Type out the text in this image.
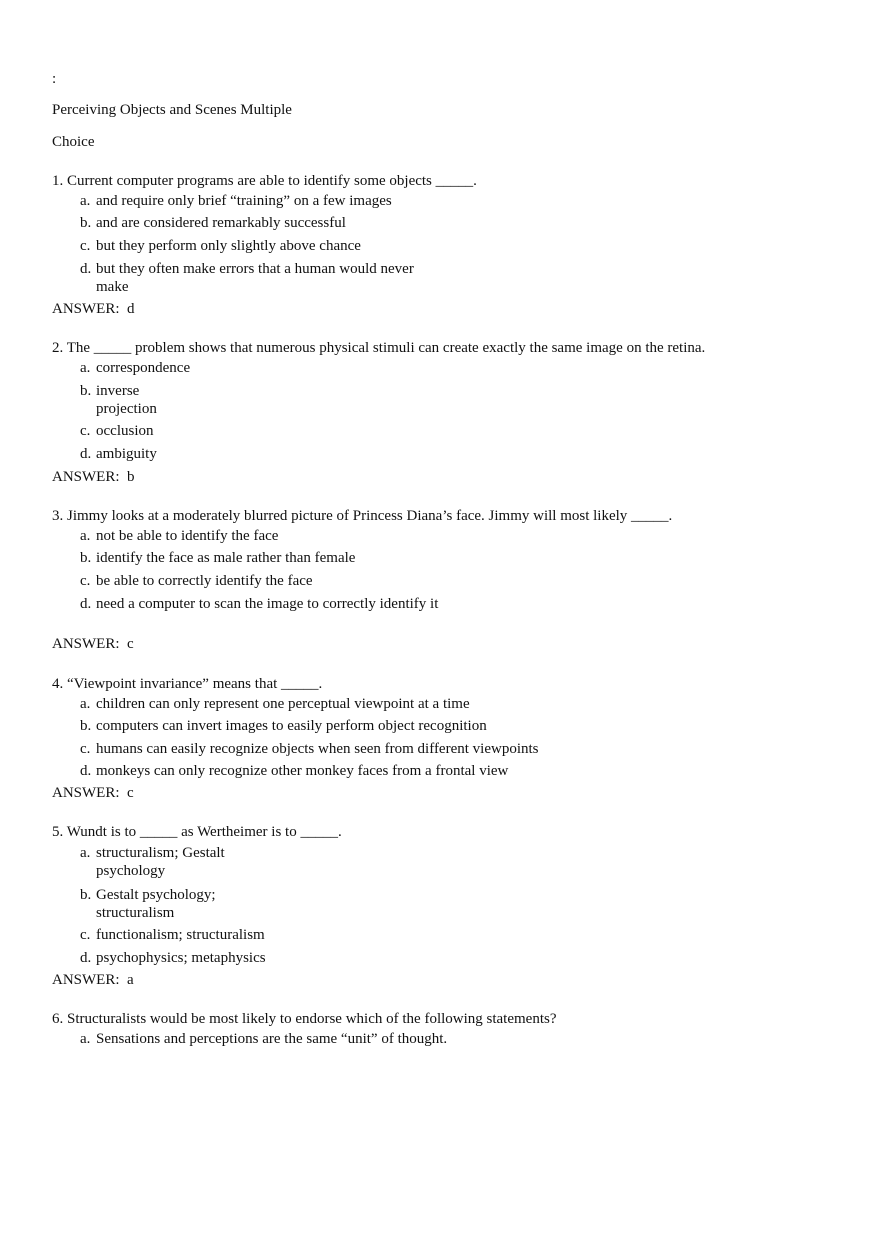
:
Perceiving Objects and Scenes Multiple
Choice
1. Current computer programs are able to identify some objects _____.
a. and require only brief “training” on a few images
b. and are considered remarkably successful
c. but they perform only slightly above chance
d. but they often make errors that a human would never make
ANSWER: d
2. The _____ problem shows that numerous physical stimuli can create exactly the same image on the retina.
a. correspondence
b. inverse projection
c. occlusion
d. ambiguity
ANSWER: b
3. Jimmy looks at a moderately blurred picture of Princess Diana’s face. Jimmy will most likely _____.
a. not be able to identify the face
b. identify the face as male rather than female
c. be able to correctly identify the face
d. need a computer to scan the image to correctly identify it
ANSWER: c
4. “Viewpoint invariance” means that _____.
a. children can only represent one perceptual viewpoint at a time
b. computers can invert images to easily perform object recognition
c. humans can easily recognize objects when seen from different viewpoints
d. monkeys can only recognize other monkey faces from a frontal view
ANSWER: c
5. Wundt is to _____ as Wertheimer is to _____.
a. structuralism; Gestalt psychology
b. Gestalt psychology; structuralism
c. functionalism; structuralism
d. psychophysics; metaphysics
ANSWER: a
6. Structuralists would be most likely to endorse which of the following statements?
a. Sensations and perceptions are the same “unit” of thought.
